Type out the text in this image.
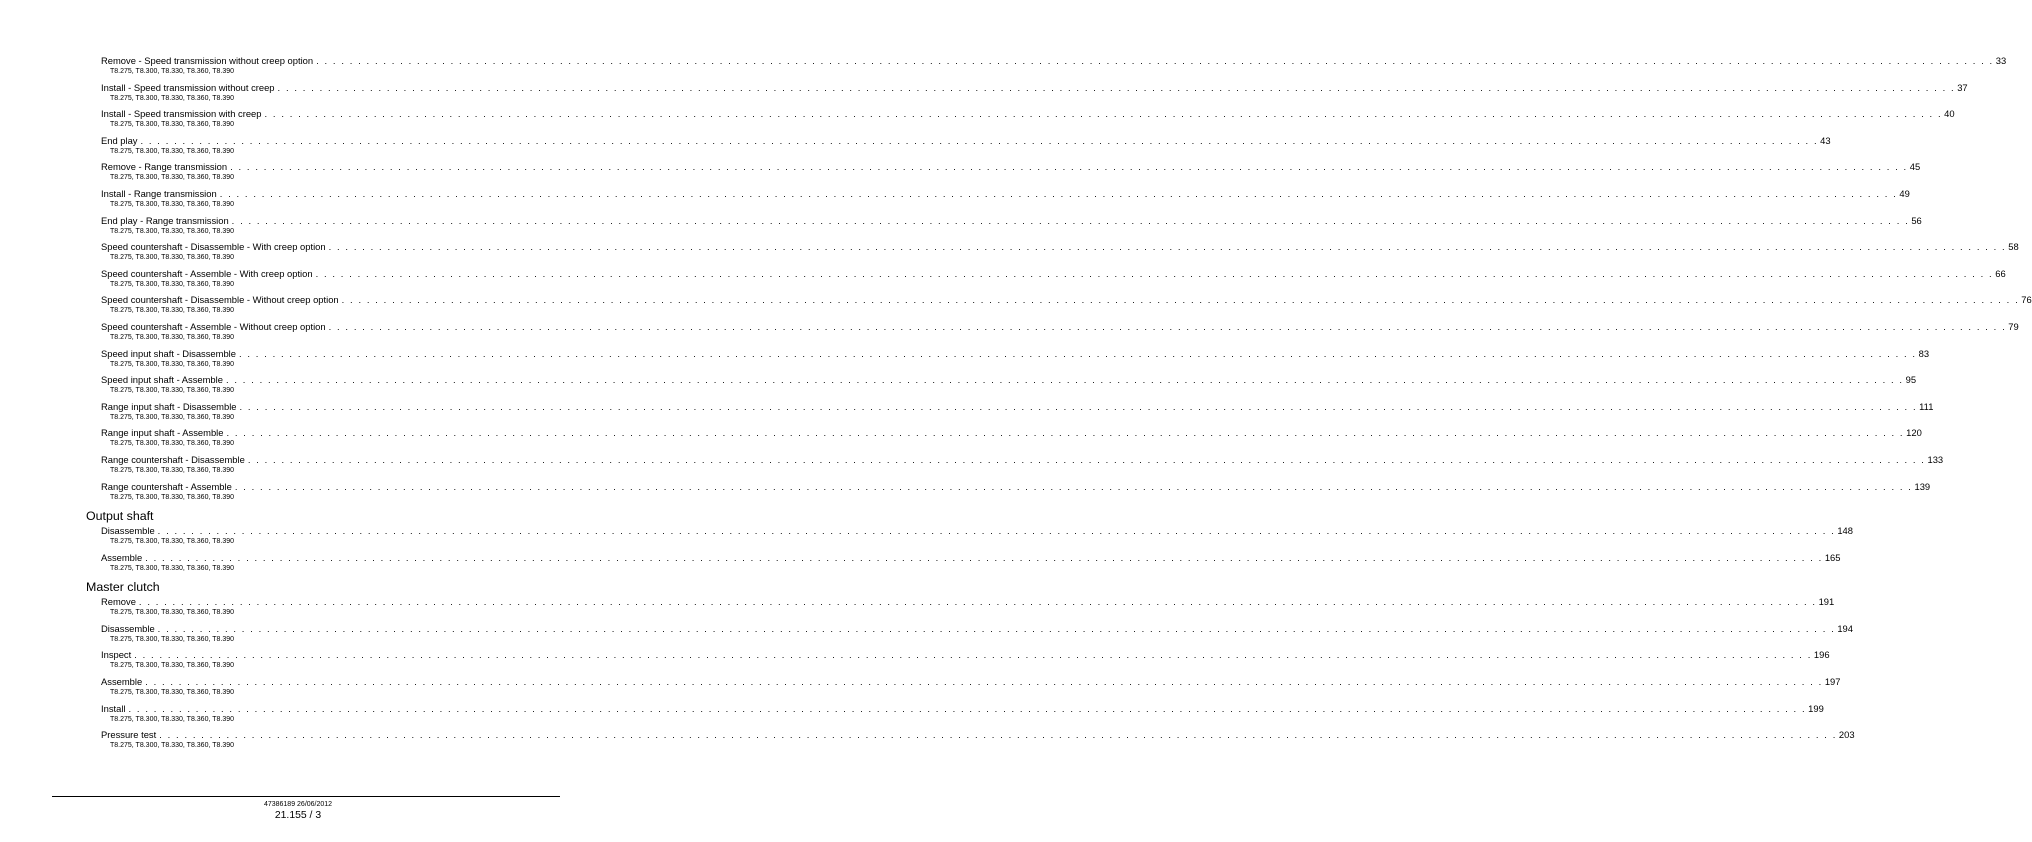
Remove - Speed transmission without creep option . . . . . . . . . . . . . . . . . . . . . . . . . . . . . . . . . . . . . . . . . . . . . . . . . . . . . . . . . . . . . . . . . . . . . . . . . . . . . . . . . . . . . . . . . . . . . . . . . . . . . . . . . . . . . . . . . . . . . . . . . . . . . . . . . . . . . . . . . . . . . . . . . . . . . . . . . . . . . . . . . . . . . . . . . . . . . . . . . . . . . . . . . . . . . . . . . . . . . . . . 33
T8.275, T8.300, T8.330, T8.360, T8.390
Install - Speed transmission without creep . . . . . . . . . . . . . . . . . . . . . . . . . . . . . . . . . . . . . . . . . . . . . . . . . . . . . . . . . . . . . . . . . . . . . . . . . . . . . . . . . . . . . . . . . . . . . . . . . . . . . . . . . . . . . . . . . . . . . . . . . . . . . . . . . . . . . . . . . . . . . . . . . . . . . . . . . . . . . . . . . . . . . . . . . . . . . . . . . . . . . . . . . . . . . . . . . . . . . . . . 37
T8.275, T8.300, T8.330, T8.360, T8.390
Install - Speed transmission with creep . . . . . . . . . . . . . . . . . . . . . . . . . . . . . . . . . . . . . . . . . . . . . . . . . . . . . . . . . . . . . . . . . . . . . . . . . . . . . . . . . . . . . . . . . . . . . . . . . . . . . . . . . . . . . . . . . . . . . . . . . . . . . . . . . . . . . . . . . . . . . . . . . . . . . . . . . . . . . . . . . . . . . . . . . . . . . . . . . . . . . . . . . . . . . . . . . . . . . . . . 40
T8.275, T8.300, T8.330, T8.360, T8.390
End play . . . . . . . . . . . . . . . . . . . . . . . . . . . . . . . . . . . . . . . . . . . . . . . . . . . . . . . . . . . . . . . . . . . . . . . . . . . . . . . . . . . . . . . . . . . . . . . . . . . . . . . . . . . . . . . . . . . . . . . . . . . . . . . . . . . . . . . . . . . . . . . . . . . . . . . . . . . . . . . . . . . . . . . . . . . . . . . . . . . . . . . . . . . . . . . . . . . . . . . . 43
T8.275, T8.300, T8.330, T8.360, T8.390
Remove - Range transmission . . . . . . . . . . . . . . . . . . . . . . . . . . . . . . . . . . . . . . . . . . . . . . . . . . . . . . . . . . . . . . . . . . . . . . . . . . . . . . . . . . . . . . . . . . . . . . . . . . . . . . . . . . . . . . . . . . . . . . . . . . . . . . . . . . . . . . . . . . . . . . . . . . . . . . . . . . . . . . . . . . . . . . . . . . . . . . . . . . . . . . . . . . . . . . . . . . . . . . . . 45
T8.275, T8.300, T8.330, T8.360, T8.390
Install - Range transmission . . . . . . . . . . . . . . . . . . . . . . . . . . . . . . . . . . . . . . . . . . . . . . . . . . . . . . . . . . . . . . . . . . . . . . . . . . . . . . . . . . . . . . . . . . . . . . . . . . . . . . . . . . . . . . . . . . . . . . . . . . . . . . . . . . . . . . . . . . . . . . . . . . . . . . . . . . . . . . . . . . . . . . . . . . . . . . . . . . . . . . . . . . . . . . . . . . . . . . . . 49
T8.275, T8.300, T8.330, T8.360, T8.390
End play - Range transmission . . . . . . . . . . . . . . . . . . . . . . . . . . . . . . . . . . . . . . . . . . . . . . . . . . . . . . . . . . . . . . . . . . . . . . . . . . . . . . . . . . . . . . . . . . . . . . . . . . . . . . . . . . . . . . . . . . . . . . . . . . . . . . . . . . . . . . . . . . . . . . . . . . . . . . . . . . . . . . . . . . . . . . . . . . . . . . . . . . . . . . . . . . . . . . . . . . . . . . . . 56
T8.275, T8.300, T8.330, T8.360, T8.390
Speed countershaft - Disassemble - With creep option . . . . . . . . . . . . . . . . . . . . . . . . . . . . . . . . . . . . . . . . . . . . . . . . . . . . . . . . . . . . . . . . . . . . . . . . . . . . . . . . . . . . . . . . . . . . . . . . . . . . . . . . . . . . . . . . . . . . . . . . . . . . . . . . . . . . . . . . . . . . . . . . . . . . . . . . . . . . . . . . . . . . . . . . . . . . . . . . . . . . . . . . . . . . . . . . . . . . . . . . 58
T8.275, T8.300, T8.330, T8.360, T8.390
Speed countershaft - Assemble - With creep option . . . . . . . . . . . . . . . . . . . . . . . . . . . . . . . . . . . . . . . . . . . . . . . . . . . . . . . . . . . . . . . . . . . . . . . . . . . . . . . . . . . . . . . . . . . . . . . . . . . . . . . . . . . . . . . . . . . . . . . . . . . . . . . . . . . . . . . . . . . . . . . . . . . . . . . . . . . . . . . . . . . . . . . . . . . . . . . . . . . . . . . . . . . . . . . . . . . . . . . . 66
T8.275, T8.300, T8.330, T8.360, T8.390
Speed countershaft - Disassemble - Without creep option . . . . . . . . . . . . . . . . . . . . . . . . . . . . . . . . . . . . . . . . . . . . . . . . . . . . . . . . . . . . . . . . . . . . . . . . . . . . . . . . . . . . . . . . . . . . . . . . . . . . . . . . . . . . . . . . . . . . . . . . . . . . . . . . . . . . . . . . . . . . . . . . . . . . . . . . . . . . . . . . . . . . . . . . . . . . . . . . . . . . . . . . . . . . . . . . . . . . . . . . 76
T8.275, T8.300, T8.330, T8.360, T8.390
Speed countershaft - Assemble - Without creep option . . . . . . . . . . . . . . . . . . . . . . . . . . . . . . . . . . . . . . . . . . . . . . . . . . . . . . . . . . . . . . . . . . . . . . . . . . . . . . . . . . . . . . . . . . . . . . . . . . . . . . . . . . . . . . . . . . . . . . . . . . . . . . . . . . . . . . . . . . . . . . . . . . . . . . . . . . . . . . . . . . . . . . . . . . . . . . . . . . . . . . . . . . . . . . . . . . . . . . . . 79
T8.275, T8.300, T8.330, T8.360, T8.390
Speed input shaft - Disassemble . . . . . . . . . . . . . . . . . . . . . . . . . . . . . . . . . . . . . . . . . . . . . . . . . . . . . . . . . . . . . . . . . . . . . . . . . . . . . . . . . . . . . . . . . . . . . . . . . . . . . . . . . . . . . . . . . . . . . . . . . . . . . . . . . . . . . . . . . . . . . . . . . . . . . . . . . . . . . . . . . . . . . . . . . . . . . . . . . . . . . . . . . . . . . . . . . . . . . . . . 83
T8.275, T8.300, T8.330, T8.360, T8.390
Speed input shaft - Assemble . . . . . . . . . . . . . . . . . . . . . . . . . . . . . . . . . . . . . . . . . . . . . . . . . . . . . . . . . . . . . . . . . . . . . . . . . . . . . . . . . . . . . . . . . . . . . . . . . . . . . . . . . . . . . . . . . . . . . . . . . . . . . . . . . . . . . . . . . . . . . . . . . . . . . . . . . . . . . . . . . . . . . . . . . . . . . . . . . . . . . . . . . . . . . . . . . . . . . . . . 95
T8.275, T8.300, T8.330, T8.360, T8.390
Range input shaft - Disassemble . . . . . . . . . . . . . . . . . . . . . . . . . . . . . . . . . . . . . . . . . . . . . . . . . . . . . . . . . . . . . . . . . . . . . . . . . . . . . . . . . . . . . . . . . . . . . . . . . . . . . . . . . . . . . . . . . . . . . . . . . . . . . . . . . . . . . . . . . . . . . . . . . . . . . . . . . . . . . . . . . . . . . . . . . . . . . . . . . . . . . . . . . . . . . . . . . . . . . . . . 111
T8.275, T8.300, T8.330, T8.360, T8.390
Range input shaft - Assemble . . . . . . . . . . . . . . . . . . . . . . . . . . . . . . . . . . . . . . . . . . . . . . . . . . . . . . . . . . . . . . . . . . . . . . . . . . . . . . . . . . . . . . . . . . . . . . . . . . . . . . . . . . . . . . . . . . . . . . . . . . . . . . . . . . . . . . . . . . . . . . . . . . . . . . . . . . . . . . . . . . . . . . . . . . . . . . . . . . . . . . . . . . . . . . . . . . . . . . . . 120
T8.275, T8.300, T8.330, T8.360, T8.390
Range countershaft - Disassemble . . . . . . . . . . . . . . . . . . . . . . . . . . . . . . . . . . . . . . . . . . . . . . . . . . . . . . . . . . . . . . . . . . . . . . . . . . . . . . . . . . . . . . . . . . . . . . . . . . . . . . . . . . . . . . . . . . . . . . . . . . . . . . . . . . . . . . . . . . . . . . . . . . . . . . . . . . . . . . . . . . . . . . . . . . . . . . . . . . . . . . . . . . . . . . . . . . . . . . . . 133
T8.275, T8.300, T8.330, T8.360, T8.390
Range countershaft - Assemble . . . . . . . . . . . . . . . . . . . . . . . . . . . . . . . . . . . . . . . . . . . . . . . . . . . . . . . . . . . . . . . . . . . . . . . . . . . . . . . . . . . . . . . . . . . . . . . . . . . . . . . . . . . . . . . . . . . . . . . . . . . . . . . . . . . . . . . . . . . . . . . . . . . . . . . . . . . . . . . . . . . . . . . . . . . . . . . . . . . . . . . . . . . . . . . . . . . . . . . . 139
T8.275, T8.300, T8.330, T8.360, T8.390
Output shaft
Disassemble . . . . . . . . . . . . . . . . . . . . . . . . . . . . . . . . . . . . . . . . . . . . . . . . . . . . . . . . . . . . . . . . . . . . . . . . . . . . . . . . . . . . . . . . . . . . . . . . . . . . . . . . . . . . . . . . . . . . . . . . . . . . . . . . . . . . . . . . . . . . . . . . . . . . . . . . . . . . . . . . . . . . . . . . . . . . . . . . . . . . . . . . . . . . . . . . . . . . . . . . 148
T8.275, T8.300, T8.330, T8.360, T8.390
Assemble . . . . . . . . . . . . . . . . . . . . . . . . . . . . . . . . . . . . . . . . . . . . . . . . . . . . . . . . . . . . . . . . . . . . . . . . . . . . . . . . . . . . . . . . . . . . . . . . . . . . . . . . . . . . . . . . . . . . . . . . . . . . . . . . . . . . . . . . . . . . . . . . . . . . . . . . . . . . . . . . . . . . . . . . . . . . . . . . . . . . . . . . . . . . . . . . . . . . . . . . 165
T8.275, T8.300, T8.330, T8.360, T8.390
Master clutch
Remove . . . . . . . . . . . . . . . . . . . . . . . . . . . . . . . . . . . . . . . . . . . . . . . . . . . . . . . . . . . . . . . . . . . . . . . . . . . . . . . . . . . . . . . . . . . . . . . . . . . . . . . . . . . . . . . . . . . . . . . . . . . . . . . . . . . . . . . . . . . . . . . . . . . . . . . . . . . . . . . . . . . . . . . . . . . . . . . . . . . . . . . . . . . . . . . . . . . . . . . . 191
T8.275, T8.300, T8.330, T8.360, T8.390
Disassemble . . . . . . . . . . . . . . . . . . . . . . . . . . . . . . . . . . . . . . . . . . . . . . . . . . . . . . . . . . . . . . . . . . . . . . . . . . . . . . . . . . . . . . . . . . . . . . . . . . . . . . . . . . . . . . . . . . . . . . . . . . . . . . . . . . . . . . . . . . . . . . . . . . . . . . . . . . . . . . . . . . . . . . . . . . . . . . . . . . . . . . . . . . . . . . . . . . . . . . . . 194
T8.275, T8.300, T8.330, T8.360, T8.390
Inspect . . . . . . . . . . . . . . . . . . . . . . . . . . . . . . . . . . . . . . . . . . . . . . . . . . . . . . . . . . . . . . . . . . . . . . . . . . . . . . . . . . . . . . . . . . . . . . . . . . . . . . . . . . . . . . . . . . . . . . . . . . . . . . . . . . . . . . . . . . . . . . . . . . . . . . . . . . . . . . . . . . . . . . . . . . . . . . . . . . . . . . . . . . . . . . . . . . . . . . . . 196
T8.275, T8.300, T8.330, T8.360, T8.390
Assemble . . . . . . . . . . . . . . . . . . . . . . . . . . . . . . . . . . . . . . . . . . . . . . . . . . . . . . . . . . . . . . . . . . . . . . . . . . . . . . . . . . . . . . . . . . . . . . . . . . . . . . . . . . . . . . . . . . . . . . . . . . . . . . . . . . . . . . . . . . . . . . . . . . . . . . . . . . . . . . . . . . . . . . . . . . . . . . . . . . . . . . . . . . . . . . . . . . . . . . . . 197
T8.275, T8.300, T8.330, T8.360, T8.390
Install . . . . . . . . . . . . . . . . . . . . . . . . . . . . . . . . . . . . . . . . . . . . . . . . . . . . . . . . . . . . . . . . . . . . . . . . . . . . . . . . . . . . . . . . . . . . . . . . . . . . . . . . . . . . . . . . . . . . . . . . . . . . . . . . . . . . . . . . . . . . . . . . . . . . . . . . . . . . . . . . . . . . . . . . . . . . . . . . . . . . . . . . . . . . . . . . . . . . . . . . 199
T8.275, T8.300, T8.330, T8.360, T8.390
Pressure test . . . . . . . . . . . . . . . . . . . . . . . . . . . . . . . . . . . . . . . . . . . . . . . . . . . . . . . . . . . . . . . . . . . . . . . . . . . . . . . . . . . . . . . . . . . . . . . . . . . . . . . . . . . . . . . . . . . . . . . . . . . . . . . . . . . . . . . . . . . . . . . . . . . . . . . . . . . . . . . . . . . . . . . . . . . . . . . . . . . . . . . . . . . . . . . . . . . . . . . . 203
T8.275, T8.300, T8.330, T8.360, T8.390
47386189 26/06/2012
21.155 / 3
